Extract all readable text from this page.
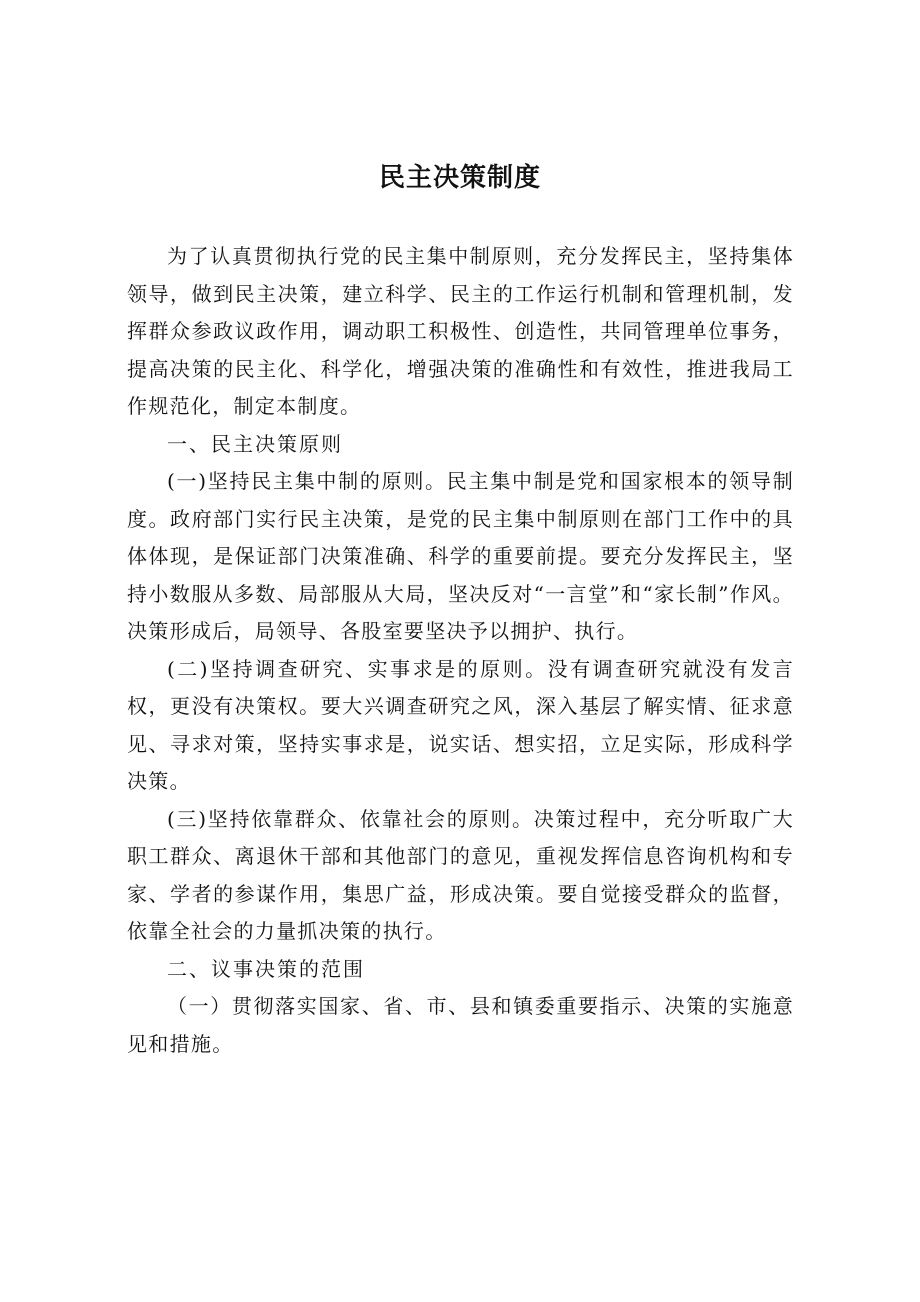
民主决策制度

为了认真贯彻执行党的民主集中制原则，充分发挥民主，坚持集体领导，做到民主决策，建立科学、民主的工作运行机制和管理机制，发挥群众参政议政作用，调动职工积极性、创造性，共同管理单位事务，提高决策的民主化、科学化，增强决策的准确性和有效性，推进我局工作规范化，制定本制度。

一、民主决策原则

(一)坚持民主集中制的原则。民主集中制是党和国家根本的领导制度。政府部门实行民主决策，是党的民主集中制原则在部门工作中的具体体现，是保证部门决策准确、科学的重要前提。要充分发挥民主，坚持小数服从多数、局部服从大局，坚决反对“一言堂”和“家长制”作风。决策形成后，局领导、各股室要坚决予以拥护、执行。

(二)坚持调查研究、实事求是的原则。没有调查研究就没有发言权，更没有决策权。要大兴调查研究之风，深入基层了解实情、征求意见、寻求对策，坚持实事求是，说实话、想实招，立足实际，形成科学决策。

(三)坚持依靠群众、依靠社会的原则。决策过程中，充分听取广大职工群众、离退休干部和其他部门的意见，重视发挥信息咨询机构和专家、学者的参谋作用，集思广益，形成决策。要自觉接受群众的监督，依靠全社会的力量抓决策的执行。

二、议事决策的范围

（一）贯彻落实国家、省、市、县和镇委重要指示、决策的实施意见和措施。
